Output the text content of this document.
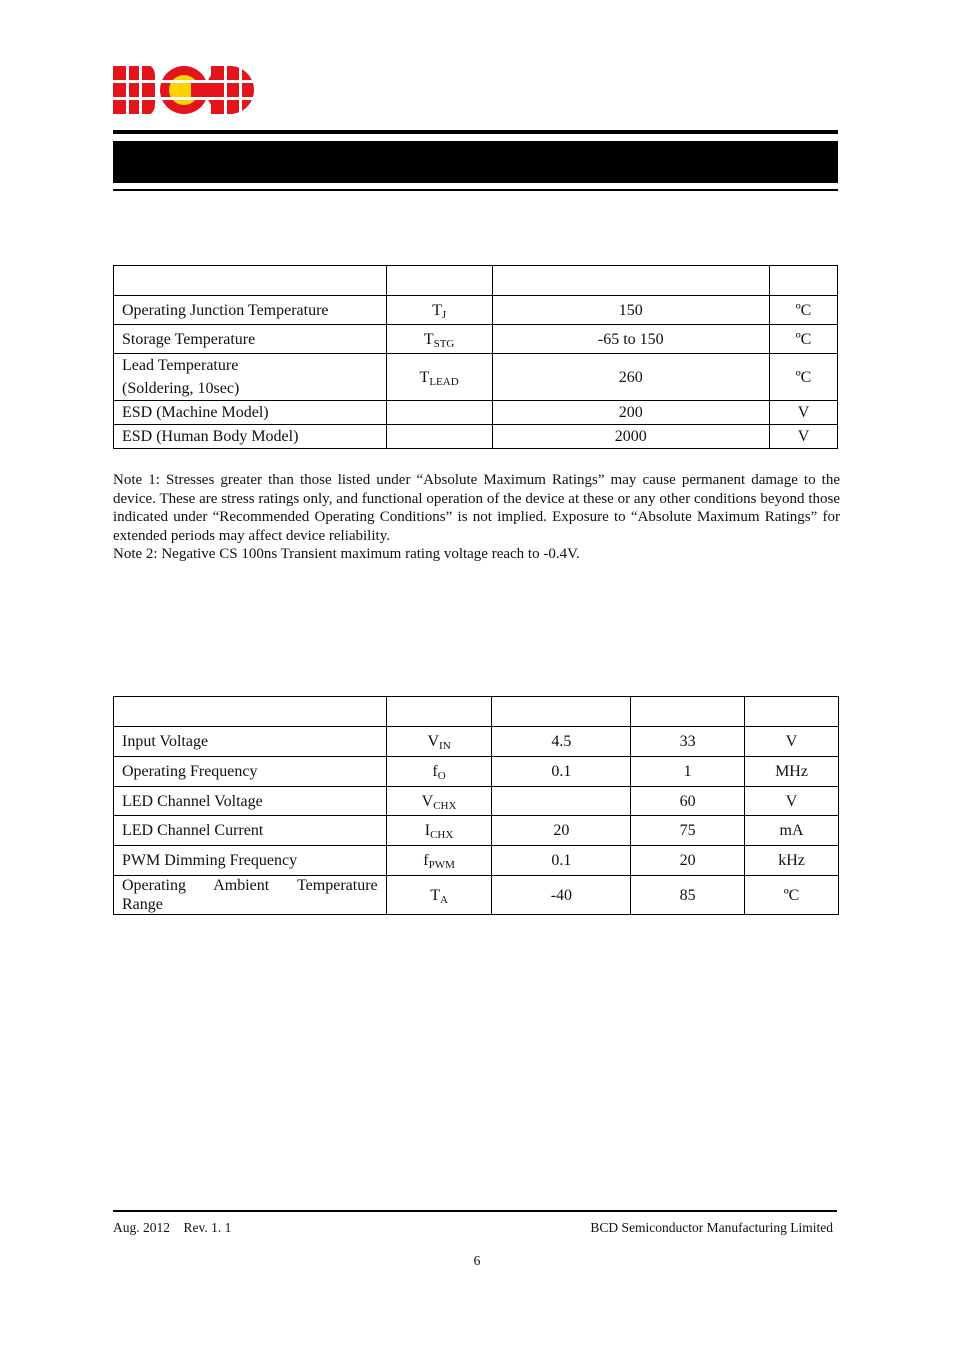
Operating Junction Temperature	$T_J$	150	ºC
Storage Temperature	$T_{STG}$	-65 to 150	ºC
Lead Temperature
(Soldering, 10sec)	$T_{LEAD}$	260	ºC
ESD (Machine Model)		200	V
ESD (Human Body Model)		2000	V

Note 1: Stresses greater than those listed under “Absolute Maximum Ratings” may cause permanent damage to the device. These are stress ratings only, and functional operation of the device at these or any other conditions beyond those indicated under “Recommended Operating Conditions” is not implied. Exposure to “Absolute Maximum Ratings” for extended periods may affect device reliability.

Note 2: Negative CS 100ns Transient maximum rating voltage reach to -0.4V.

Input Voltage	$V_{IN}$	4.5	33	V
Operating Frequency	$f_O$	0.1	1	MHz
LED Channel Voltage	$V_{CHX}$		60	V
LED Channel Current	$I_{CHX}$	20	75	mA
PWM Dimming Frequency	$f_{PWM}$	0.1	20	kHz

Operating Ambient Temperature
Range	$T_A$	-40	85	ºC
Aug. 2012    Rev. 1. 1	BCD Semiconductor Manufacturing Limited
6
